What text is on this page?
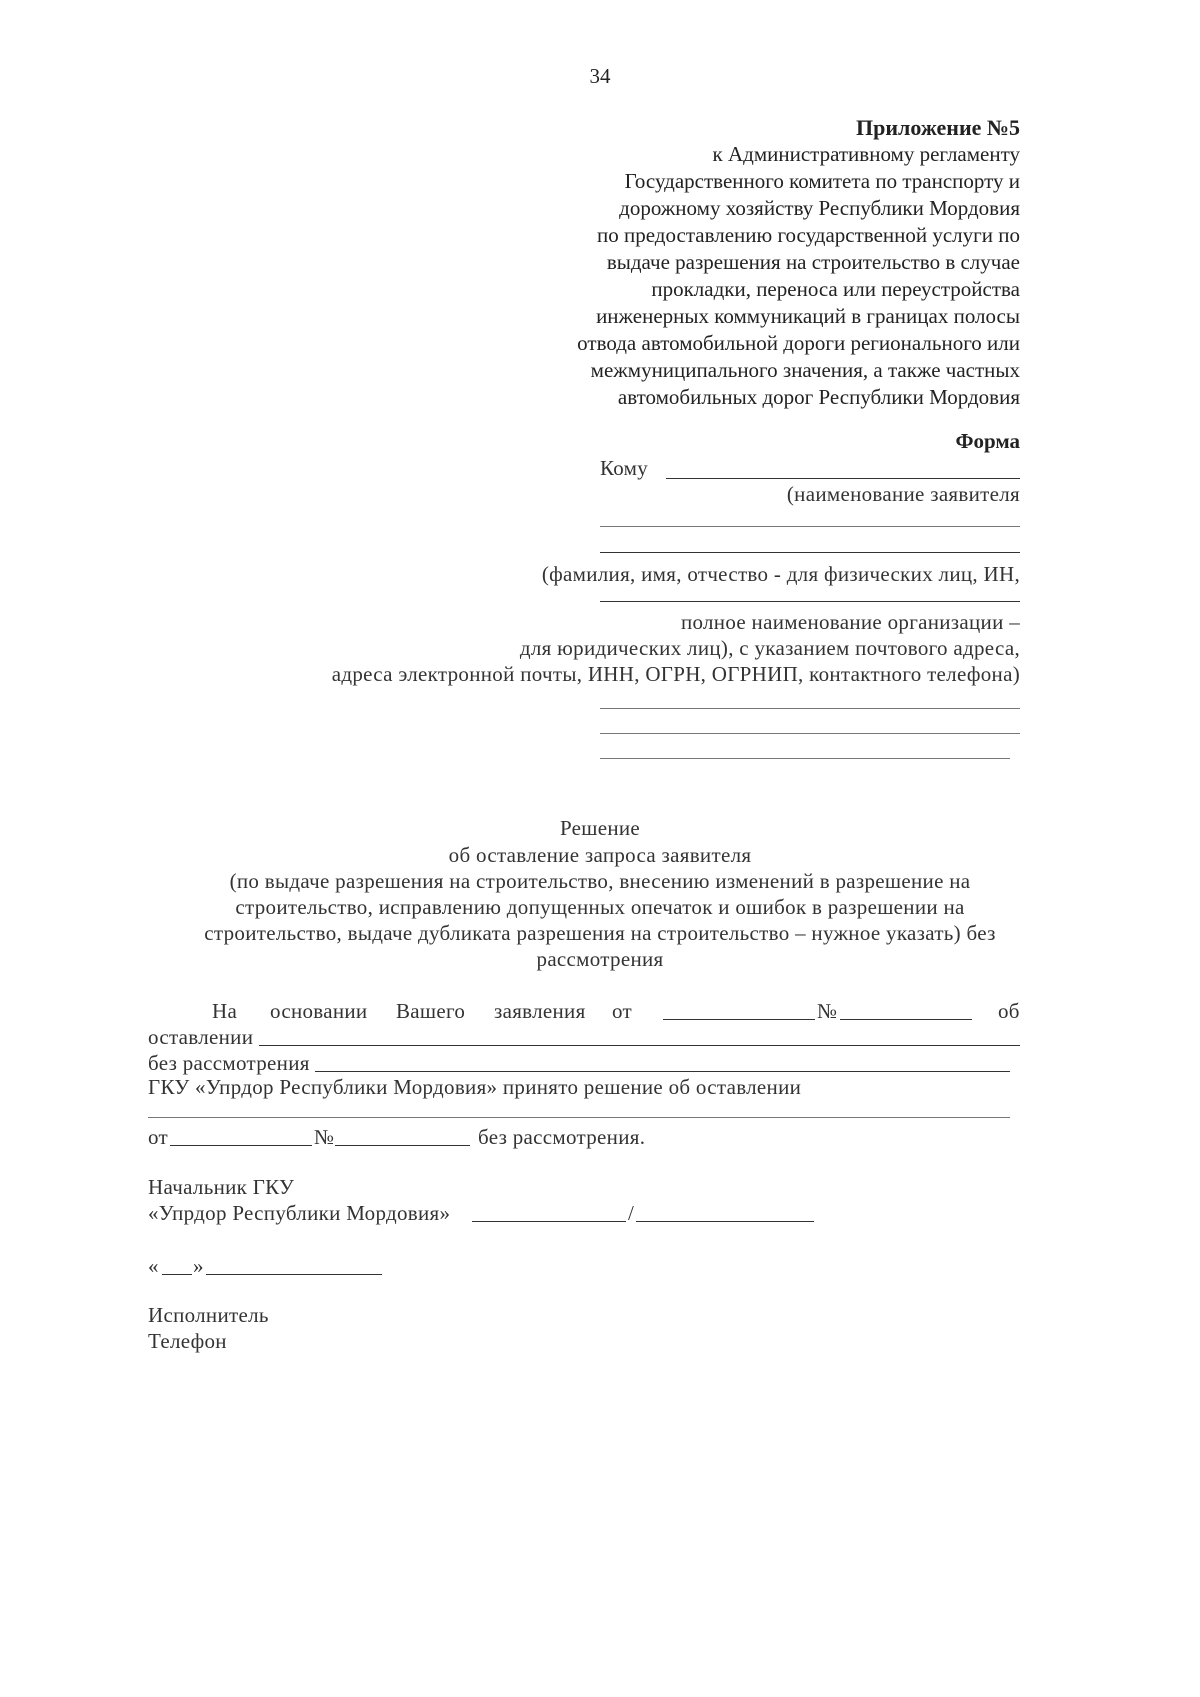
34
Приложение №5
к Административному регламенту
Государственного комитета по транспорту и
дорожному хозяйству Республики Мордовия
по предоставлению государственной услуги по
выдаче разрешения на строительство в случае
прокладки, переноса или переустройства
инженерных коммуникаций в границах полосы
отвода автомобильной дороги регионального или
межмуниципального значения, а также частных
автомобильных дорог Республики Мордовия
Форма
Кому
(наименование заявителя
(фамилия, имя, отчество - для физических лиц, ИН,
полное наименование организации –
для юридических лиц), с указанием почтового адреса,
адреса электронной почты, ИНН, ОГРН, ОГРНИП, контактного телефона)
Решение
об оставление запроса заявителя
(по выдаче разрешения на строительство, внесению изменений в разрешение на
строительство, исправлению допущенных опечаток и ошибок в разрешении на
строительство, выдаче дубликата разрешения на строительство – нужное указать) без
рассмотрения
На основании Вашего заявления от	№	об
оставлении
без рассмотрения
ГКУ «Упрдор Республики Мордовия» принято решение об оставлении
от	№	без рассмотрения.
Начальник ГКУ
«Упрдор Республики Мордовия»	/
« »
Исполнитель
Телефон
